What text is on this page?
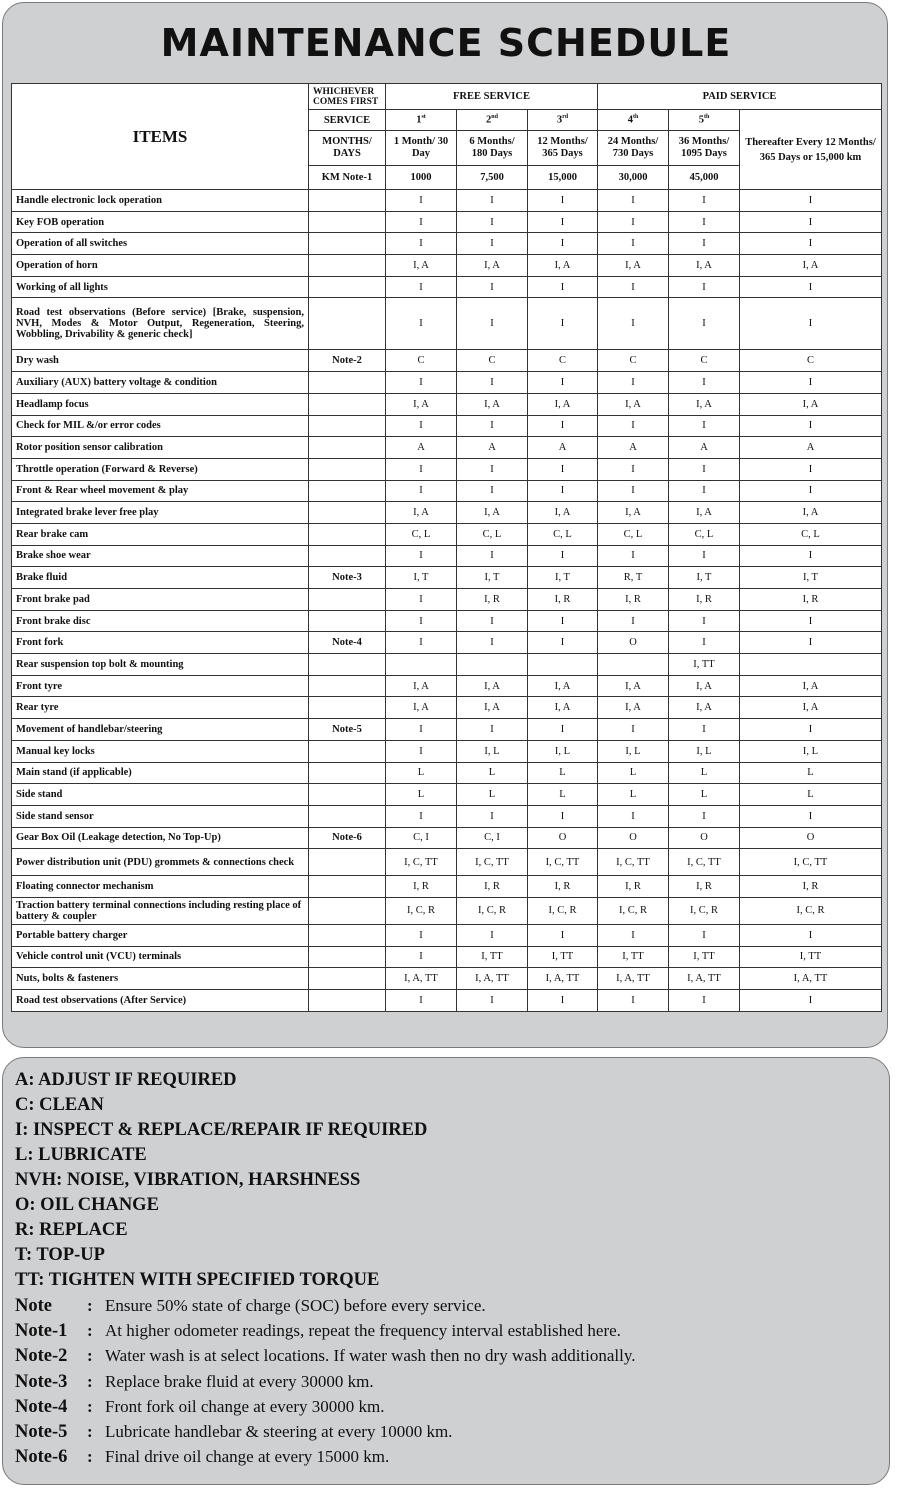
MAINTENANCE SCHEDULE
ITEMS	WHICHEVER COMES FIRST	FREE SERVICE			PAID SERVICE		
	SERVICE	1st	2nd	3rd	4th	5th	Thereafter Every 12 Months/ 365 Days or 15,000 km
	MONTHS/ DAYS	1 Month/ 30 Day	6 Months/ 180 Days	12 Months/ 365 Days	24 Months/ 730 Days	36 Months/ 1095 Days	
	KM Note-1	1000	7,500	15,000	30,000	45,000	
Handle electronic lock operation		I	I	I	I	I	I
Key FOB operation		I	I	I	I	I	I
Operation of all switches		I	I	I	I	I	I
Operation of horn		I, A	I, A	I, A	I, A	I, A	I, A
Working of all lights		I	I	I	I	I	I
Road test observations (Before service) [Brake, suspension, NVH, Modes & Motor Output, Regeneration, Steering, Wobbling, Drivability & generic check]		I	I	I	I	I	I
Dry wash	Note-2	C	C	C	C	C	C
Auxiliary (AUX) battery voltage & condition		I	I	I	I	I	I
Headlamp focus		I, A	I, A	I, A	I, A	I, A	I, A
Check for MIL &/or error codes		I	I	I	I	I	I
Rotor position sensor calibration		A	A	A	A	A	A
Throttle operation (Forward & Reverse)		I	I	I	I	I	I
Front & Rear wheel movement & play		I	I	I	I	I	I
Integrated brake lever free play		I, A	I, A	I, A	I, A	I, A	I, A
Rear brake cam		C, L	C, L	C, L	C, L	C, L	C, L
Brake shoe wear		I	I	I	I	I	I
Brake fluid	Note-3	I, T	I, T	I, T	R, T	I, T	I, T
Front brake pad		I	I, R	I, R	I, R	I, R	I, R
Front brake disc		I	I	I	I	I	I
Front fork	Note-4	I	I	I	O	I	I
Rear suspension top bolt & mounting						I, TT	
Front tyre		I, A	I, A	I, A	I, A	I, A	I, A
Rear tyre		I, A	I, A	I, A	I, A	I, A	I, A
Movement of handlebar/steering	Note-5	I	I	I	I	I	I
Manual key locks		I	I, L	I, L	I, L	I, L	I, L
Main stand (if applicable)		L	L	L	L	L	L
Side stand		L	L	L	L	L	L
Side stand sensor		I	I	I	I	I	I
Gear Box Oil (Leakage detection, No Top-Up)	Note-6	C, I	C, I	O	O	O	O
Power distribution unit (PDU) grommets & connections check		I, C, TT	I, C, TT	I, C, TT	I, C, TT	I, C, TT	I, C, TT
Floating connector mechanism		I, R	I, R	I, R	I, R	I, R	I, R
Traction battery terminal connections including resting place of battery & coupler		I, C, R	I, C, R	I, C, R	I, C, R	I, C, R	I, C, R
Portable battery charger		I	I	I	I	I	I
Vehicle control unit (VCU) terminals		I	I, TT	I, TT	I, TT	I, TT	I, TT
Nuts, bolts & fasteners		I, A, TT	I, A, TT	I, A, TT	I, A, TT	I, A, TT	I, A, TT
Road test observations (After Service)		I	I	I	I	I	I
A: ADJUST IF REQUIRED
C: CLEAN
I: INSPECT & REPLACE/REPAIR IF REQUIRED
L: LUBRICATE
NVH: NOISE, VIBRATION, HARSHNESS
O: OIL CHANGE
R: REPLACE
T: TOP-UP
TT: TIGHTEN WITH SPECIFIED TORQUE
Note : Ensure 50% state of charge (SOC) before every service.
Note-1 : At higher odometer readings, repeat the frequency interval established here.
Note-2 : Water wash is at select locations. If water wash then no dry wash additionally.
Note-3 : Replace brake fluid at every 30000 km.
Note-4 : Front fork oil change at every 30000 km.
Note-5 : Lubricate handlebar & steering at every 10000 km.
Note-6 : Final drive oil change at every 15000 km.
